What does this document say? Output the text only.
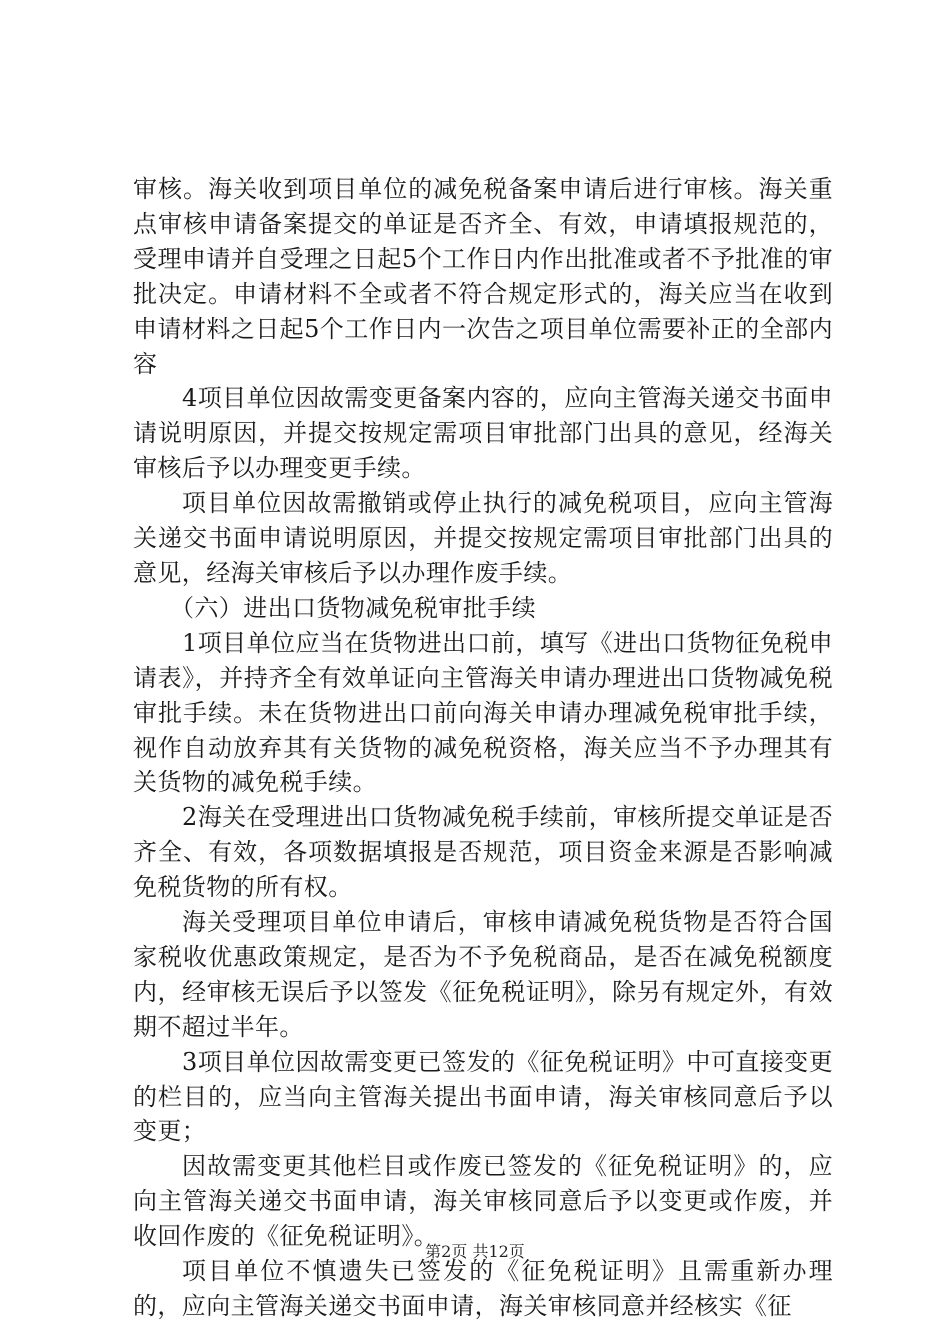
审核。海关收到项目单位的减免税备案申请后进行审核。海关重点审核申请备案提交的单证是否齐全、有效，申请填报规范的，受理申请并自受理之日起5个工作日内作出批准或者不予批准的审批决定。申请材料不全或者不符合规定形式的，海关应当在收到申请材料之日起5个工作日内一次告之项目单位需要补正的全部内容

4项目单位因故需变更备案内容的，应向主管海关递交书面申请说明原因，并提交按规定需项目审批部门出具的意见，经海关审核后予以办理变更手续。

项目单位因故需撤销或停止执行的减免税项目，应向主管海关递交书面申请说明原因，并提交按规定需项目审批部门出具的意见，经海关审核后予以办理作废手续。

（六）进出口货物减免税审批手续

1项目单位应当在货物进出口前，填写《进出口货物征免税申请表》，并持齐全有效单证向主管海关申请办理进出口货物减免税审批手续。未在货物进出口前向海关申请办理减免税审批手续，视作自动放弃其有关货物的减免税资格，海关应当不予办理其有关货物的减免税手续。

2海关在受理进出口货物减免税手续前，审核所提交单证是否齐全、有效，各项数据填报是否规范，项目资金来源是否影响减免税货物的所有权。

海关受理项目单位申请后，审核申请减免税货物是否符合国家税收优惠政策规定，是否为不予免税商品，是否在减免税额度内，经审核无误后予以签发《征免税证明》，除另有规定外，有效期不超过半年。

3项目单位因故需变更已签发的《征免税证明》中可直接变更的栏目的，应当向主管海关提出书面申请，海关审核同意后予以变更；

因故需变更其他栏目或作废已签发的《征免税证明》的，应向主管海关递交书面申请，海关审核同意后予以变更或作废，并收回作废的《征免税证明》。

项目单位不慎遗失已签发的《征免税证明》且需重新办理的，应向主管海关递交书面申请，海关审核同意并经核实《征

第2页 共12页
